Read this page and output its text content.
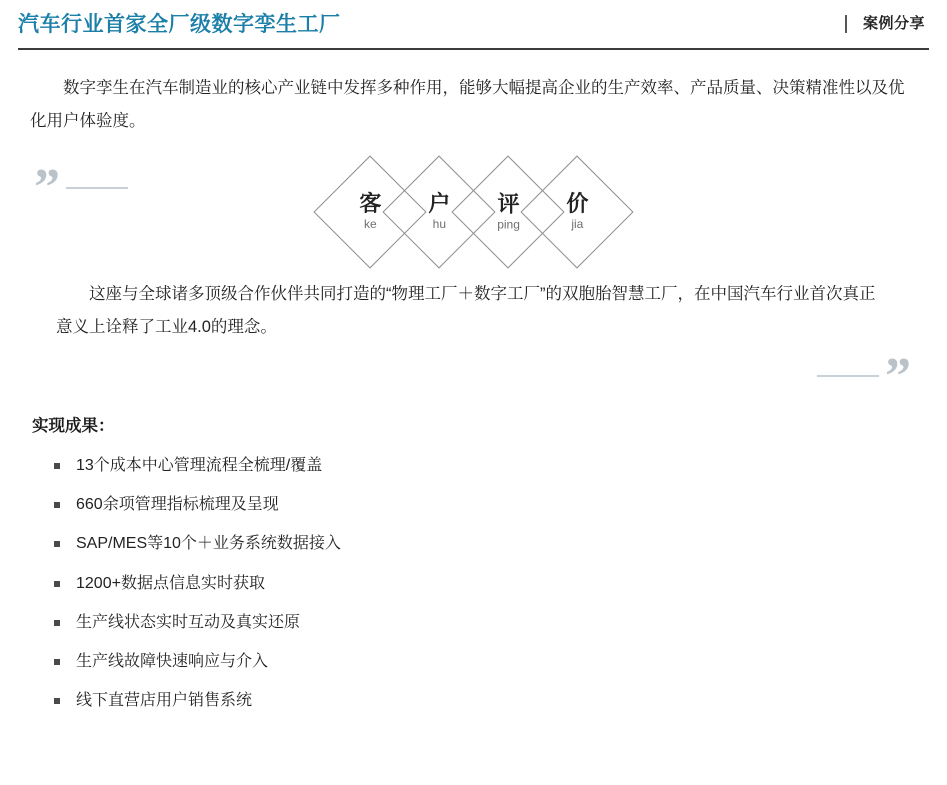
汽车行业首家全厂级数字孪生工厂	案例分享

数字孪生在汽车制造业的核心产业链中发挥多种作用，能够大幅提高企业的生产效率、产品质量、决策精准性以及优化用户体验度。

”	客
ke
户
hu
评
ping
价
jia
这座与全球诸多顶级合作伙伴共同打造的“物理工厂＋数字工厂”的双胞胎智慧工厂，在中国汽车行业首次真正意义上诠释了工业4.0的理念。
”
实现成果：
13个成本中心管理流程全梳理/覆盖
660余项管理指标梳理及呈现
SAP/MES等10个＋业务系统数据接入
1200+数据点信息实时获取
生产线状态实时互动及真实还原
生产线故障快速响应与介入
线下直营店用户销售系统
